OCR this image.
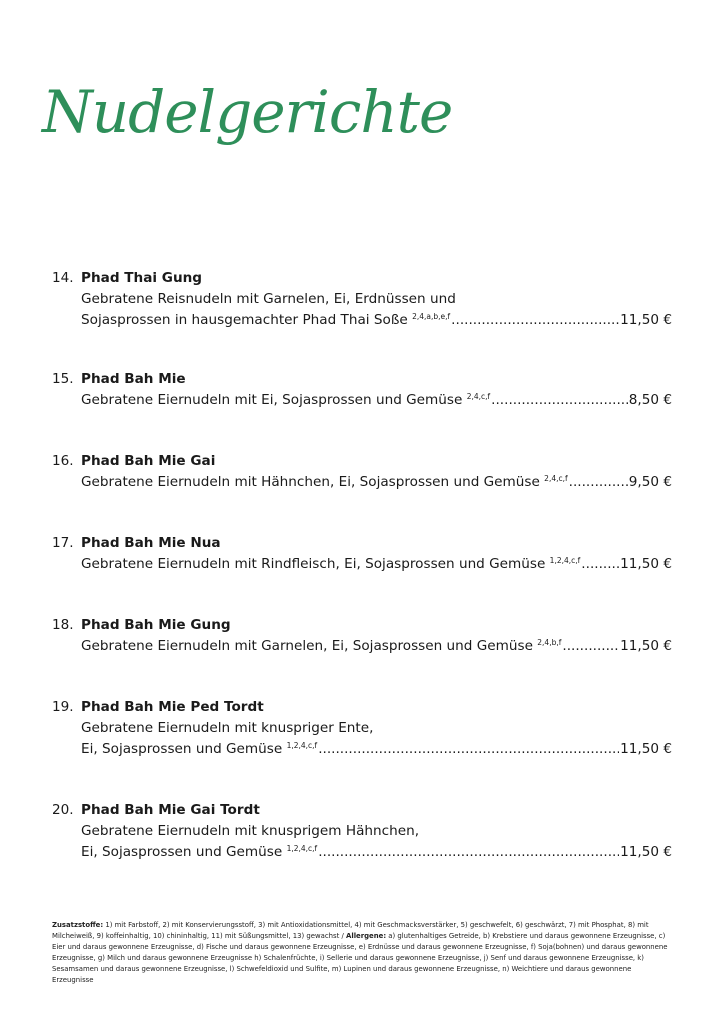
Nudelgerichte
14. Phad Thai Gung
Gebratene Reisnudeln mit Garnelen, Ei, Erdnüssen und
Sojasprossen in hausgemachter Phad Thai Soße $^{2,4,a,b,e,f}$ .....	11,50 €
15. Phad Bah Mie
Gebratene Eiernudeln mit Ei, Sojasprossen und Gemüse $^{2,4,c,f}$ .....	8,50 €
16. Phad Bah Mie Gai
Gebratene Eiernudeln mit Hähnchen, Ei, Sojasprossen und Gemüse $^{2,4,c,f}$ .....	9,50 €
17. Phad Bah Mie Nua
Gebratene Eiernudeln mit Rindfleisch, Ei, Sojasprossen und Gemüse $^{1,2,4,c,f}$ .....	11,50 €
18. Phad Bah Mie Gung
Gebratene Eiernudeln mit Garnelen, Ei, Sojasprossen und Gemüse $^{2,4,b,f}$ .....	11,50 €
19. Phad Bah Mie Ped Tordt
Gebratene Eiernudeln mit knuspriger Ente,
Ei, Sojasprossen und Gemüse $^{1,2,4,c,f}$ .....	11,50 €
20. Phad Bah Mie Gai Tordt
Gebratene Eiernudeln mit knusprigem Hähnchen,
Ei, Sojasprossen und Gemüse $^{1,2,4,c,f}$ .....	11,50 €
Zusatzstoffe: 1) mit Farbstoff, 2) mit Konservierungsstoff, 3) mit Antioxidationsmittel, 4) mit Geschmacksverstärker, 5) geschwefelt, 6) geschwärzt, 7) mit Phosphat, 8) mit Milcheiweiß, 9) koffeinhaltig, 10) chininhaltig, 11) mit Süßungsmittel, 13) gewachst / Allergene: a) glutenhaltiges Getreide, b) Krebstiere und daraus gewonnene Erzeugnisse, c) Eier und daraus gewonnene Erzeugnisse, d) Fische und daraus gewonnene Erzeugnisse, e) Erdnüsse und daraus gewonnene Erzeugnisse, f) Soja(bohnen) und daraus gewonnene Erzeugnisse, g) Milch und daraus gewonnene Erzeugnisse h) Schalenfrüchte, i) Sellerie und daraus gewonnene Erzeugnisse, j) Senf und daraus gewonnene Erzeugnisse, k) Sesamsamen und daraus gewonnene Erzeugnisse, l) Schwefeldioxid und Sulfite, m) Lupinen und daraus gewonnene Erzeugnisse, n) Weichtiere und daraus gewonnene Erzeugnisse
